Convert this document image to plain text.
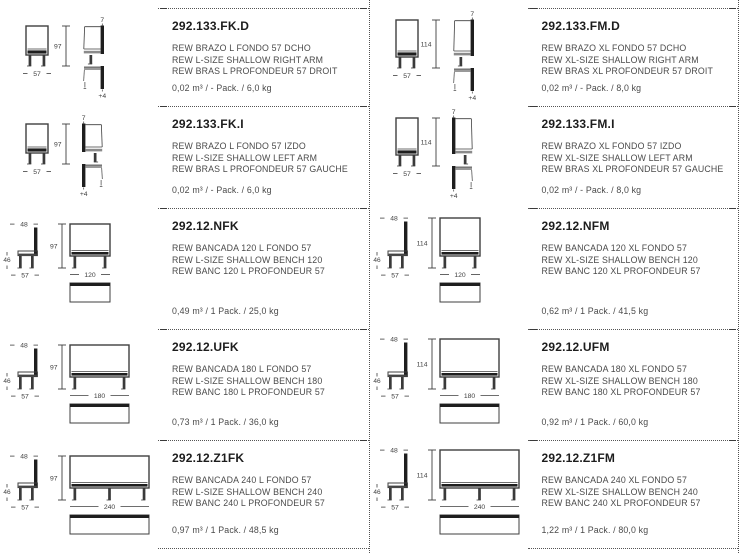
57
97
7
+4
292.133.FK.D
REW BRAZO L FONDO 57 DCHO
REW L-SIZE SHALLOW RIGHT ARM
REW BRAS L PROFONDEUR 57 DROIT
0,02 m³ / - Pack. / 6,0 kg
57
97
7
+4
292.133.FK.I
REW BRAZO L FONDO 57 IZDO
REW L-SIZE SHALLOW LEFT ARM
REW BRAS L PROFONDEUR 57 GAUCHE
0,02 m³ / - Pack. / 6,0 kg
48
46
57
97
120
292.12.NFK
REW BANCADA 120 L FONDO 57
REW L-SIZE SHALLOW BENCH 120
REW BANC 120 L PROFONDEUR 57
0,49 m³ / 1 Pack. / 25,0 kg
48
46
57
97
180
292.12.UFK
REW BANCADA 180 L FONDO 57
REW L-SIZE SHALLOW BENCH 180
REW BANC 180 L PROFONDEUR 57
0,73 m³ / 1 Pack. / 36,0 kg
48
46
57
97
240
292.12.Z1FK
REW BANCADA 240 L FONDO 57
REW L-SIZE SHALLOW BENCH 240
REW BANC 240 L PROFONDEUR 57
0,97 m³ / 1 Pack. / 48,5 kg
57
114
7
+4
292.133.FM.D
REW BRAZO XL FONDO 57 DCHO
REW XL-SIZE SHALLOW RIGHT ARM
REW BRAS XL PROFONDEUR 57 DROIT
0,02 m³ / - Pack. / 8,0 kg
57
114
7
+4
292.133.FM.I
REW BRAZO XL FONDO 57 IZDO
REW XL-SIZE SHALLOW LEFT ARM
REW BRAS XL PROFONDEUR 57 GAUCHE
0,02 m³ / - Pack. / 8,0 kg
48
46
57
114
120
292.12.NFM
REW BANCADA 120 XL FONDO 57
REW XL-SIZE SHALLOW BENCH 120
REW BANC 120 XL PROFONDEUR 57
0,62 m³ / 1 Pack. / 41,5 kg
48
46
57
114
180
292.12.UFM
REW BANCADA 180 XL FONDO 57
REW XL-SIZE SHALLOW BENCH 180
REW BANC 180 XL PROFONDEUR 57
0,92 m³ / 1 Pack. / 60,0 kg
48
46
57
114
240
292.12.Z1FM
REW BANCADA 240 XL FONDO 57
REW XL-SIZE SHALLOW BENCH 240
REW BANC 240 XL PROFONDEUR 57
1,22 m³ / 1 Pack. / 80,0 kg
